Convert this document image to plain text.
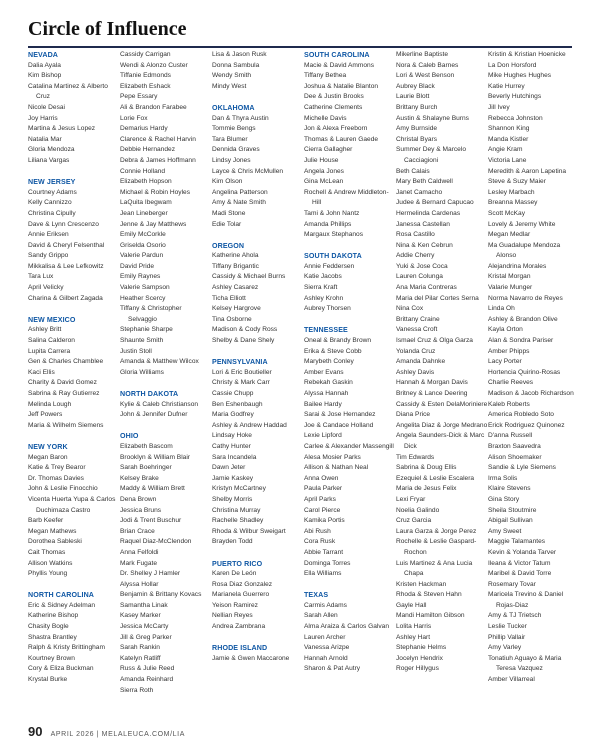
Circle of Influence
NEVADA
Dalia Ayala
Kim Bishop
Catalina Martinez & Alberto Cruz
Nicole Desai
Joy Harris
Martina & Jesus Lopez
Natalia Mar
Gloria Mendoza
Liliana Vargas
NEW JERSEY
Courtney Adams
Kelly Cannizzo
Christina Cipully
Dave & Lynn Crescenzo
Annie Eriksen
David & Cheryl Felsenthal
Sandy Grippo
Mikkalisa & Lee Lefkowitz
Tara Lux
April Velicky
Charina & Gilbert Zagada
NEW MEXICO
Ashley Britt
Salina Calderon
Lupita Carrera
Gen & Charles Chamblee
Kaci Ellis
Charity & David Gomez
Sabrina & Ray Gutierrez
Melinda Lough
Jeff Powers
Maria & Wilhelm Siemens
NEW YORK
Megan Baron
Katie & Trey Bearor
Dr. Thomas Davies
John & Leslie Finocchio
Vicenta Huerta Yupa & Carlos Duchimaza Castro
Barb Keefer
Megan Mathews
Dorothea Sableski
Cait Thomas
Allison Watkins
Phyllis Young
NORTH CAROLINA
Eric & Sidney Adelman
Katherine Bishop
Chasity Bogle
Shastra Brantley
Ralph & Kristy Brittingham
Kourtney Brown
Cory & Eliza Buckman
Krystal Burke
Cassidy Carrigan
Wendi & Alonzo Custer
Tiffanie Edmonds
Elizabeth Eshack
Pepe Essary
Ali & Brandon Farabee
Lorie Fox
Demarius Hardy
Clarence & Rachel Harvin
Debbie Hernandez
Debra & James Hoffmann
Connie Holland
Elizabeth Hopson
Michael & Robin Hoyles
LaQuita Ibegwam
Jean Lineberger
Jenne & Jay Matthews
Emily McCorkle
Griselda Osorio
Valerie Pardun
David Pride
Emily Raynes
Valerie Sampson
Heather Scercy
Tiffany & Christopher Selvaggio
Stephanie Sharpe
Shaunte Smith
Justin Stoll
Amanda & Matthew Wilcox
Gloria Williams
NORTH DAKOTA
Kylie & Caleb Christianson
John & Jennifer Dufner
OHIO
Elizabeth Bascom
Brooklyn & William Blair
Sarah Boehringer
Kelsey Brake
Maddy & William Brett
Dena Brown
Jessica Bruns
Jodi & Trent Buschur
Brian Crace
Raquel Diaz-McClendon
Anna Felfoldi
Mark Fugate
Dr. Shelley J Hamler
Alyssa Hollar
Benjamin & Brittany Kovacs
Samantha Linak
Kasey Marker
Jessica McCarty
Jill & Greg Parker
Sarah Rankin
Katelyn Ratliff
Russ & Julie Reed
Amanda Reinhard
Sierra Roth
Lisa & Jason Rusk
Donna Sambula
Wendy Smith
Mindy West
OKLAHOMA
Dan & Thyra Austin
Tommie Bengs
Tara Blumer
Dennida Graves
Lindsy Jones
Layce & Chris McMullen
Kim Olson
Angelina Patterson
Amy & Nate Smith
Madi Stone
Edie Tolar
OREGON
Katherine Ahola
Tiffany Brigantic
Cassidy & Michael Burns
Ashley Casarez
Ticha Elliott
Kelsey Hargrove
Tina Osborne
Madison & Cody Ross
Shelby & Dane Shely
PENNSYLVANIA
Lori & Eric Boutieller
Christy & Mark Carr
Cassie Chupp
Ben Eshenbaugh
Maria Godfrey
Ashley & Andrew Haddad
Lindsay Hoke
Cathy Hunter
Sara Incandela
Dawn Jeter
Jamie Kaskey
Kristyn McCartney
Shelby Morris
Christina Murray
Rachelle Shadley
Rhoda & Wilbur Sweigart
Brayden Todd
PUERTO RICO
Karen De León
Rosa Diaz Gonzalez
Marianela Guerrero
Yeison Ramirez
Nellian Reyes
Andrea Zambrana
RHODE ISLAND
Jamie & Gwen Maccarone
SOUTH CAROLINA
Macie & David Ammons
Tiffany Bethea
Joshua & Natalie Blanton
Dee & Justin Brooks
Catherine Clements
Michelle Davis
Jon & Alexa Freeborn
Thomas & Lauren Gaede
Cierra Gallagher
Julie House
Angela Jones
Gina McLean
Rochell & Andrew Middleton-Hill
Tami & John Nantz
Amanda Phillips
Margaux Stephanos
SOUTH DAKOTA
Annie Feddersen
Katie Jacobs
Sierra Kraft
Ashley Krohn
Aubrey Thorsen
TENNESSEE
Oneal & Brandy Brown
Erika & Steve Cobb
Marybeth Conley
Amber Evans
Rebekah Gaskin
Alyssa Hannah
Bailee Hardy
Sarai & Jose Hernandez
Joe & Candace Holland
Lexie Lipford
Carlee & Alexander Massengill
Alesa Mosier Parks
Allison & Nathan Neal
Anna Owen
Paula Parker
April Parks
Carol Pierce
Kamika Portis
Abi Rush
Cora Rusk
Abbie Tarrant
Dominga Torres
Ella Williams
TEXAS
Carmis Adams
Sarah Allen
Alma Araiza & Carlos Galvan
Lauren Archer
Vanessa Arizpe
Hannah Arnold
Sharon & Pat Autry
Mikerline Baptiste
Nora & Caleb Barnes
Lori & West Benson
Aubrey Black
Laurie Blott
Brittany Burch
Austin & Shalayne Burns
Amy Burnside
Christal Byars
Summer Dey & Marcelo Cacciagioni
Beth Calais
Mary Beth Caldwell
Janet Camacho
Judee & Bernard Capucao
Hermelinda Cardenas
Janessa Castellan
Rosa Castillo
Nina & Ken Cebrun
Addie Cherry
Yuki & Jose Coca
Lauren Colunga
Ana Maria Contreras
Maria del Pilar Cortes Serna
Nina Cox
Brittany Craine
Vanessa Croft
Ismael Cruz & Olga Garza
Yolanda Cruz
Amanda Dahnke
Ashley Davis
Hannah & Morgan Davis
Britney & Lance Deering
Cassidy & Esten DelaMoriniere
Diana Price
Angelita Diaz & Jorge Medrano
Angela Saunders-Dick & Marc Dick
Tim Edwards
Sabrina & Doug Ellis
Ezequiel & Leslie Escalera
Maria de Jesus Felix
Lexi Fryar
Noelia Galindo
Cruz Garcia
Laura Garza & Jorge Perez
Rochelle & Leslie Gaspard-Rochon
Luis Martinez & Ana Lucia Chapa
Kristen Hackman
Rhoda & Steven Hahn
Gayle Hall
Mandi Hamilton Gibson
Lolita Harris
Ashley Hart
Stephanie Helms
Jocelyn Hendrix
Roger Hillygus
Kristin & Kristian Hoenicke
La Don Horsford
Mike Hughes Hughes
Katie Hurrey
Beverly Hutchings
Jill Ivey
Rebecca Johnston
Shannon King
Manda Kistler
Angie Kram
Victoria Lane
Meredith & Aaron Lapetina
Steve & Suzy Maier
Lesley Marbach
Breanna Massey
Scott McKay
Lovely & Jeremy White
Megan Medlar
Ma Guadalupe Mendoza Alonso
Alejandrina Morales
Kristal Morgan
Valarie Munger
Norma Navarro de Reyes
Linda Oh
Ashley & Brandon Olive
Kayla Orton
Alan & Sondra Pariser
Amber Phipps
Lacy Porter
Hortencia Quirino-Rosas
Charlie Reeves
Madison & Jacob Richardson
Kaleb Roberts
America Robledo Soto
Erick Rodriguez Quinonez
D'anna Russell
Braxton Saavedra
Alison Shoemaker
Sandie & Lyle Siemens
Irma Solis
Klaire Stevens
Gina Story
Sheila Stoutmire
Abigail Sullivan
Amy Sweet
Maggie Talamantes
Kevin & Yolanda Tarver
Ileana & Victor Tatum
Maribel & David Torre
Rosemary Tovar
Maricela Trevino & Daniel Rojas-Diaz
Amy & TJ Trietsch
Leslie Tucker
Phillip Vallair
Amy Varley
Tonatiuh Aguayo & Maria Teresa Vazquez
Amber Villarreal
90 APRIL 2026 | MELALEUCA.COM/LIA
